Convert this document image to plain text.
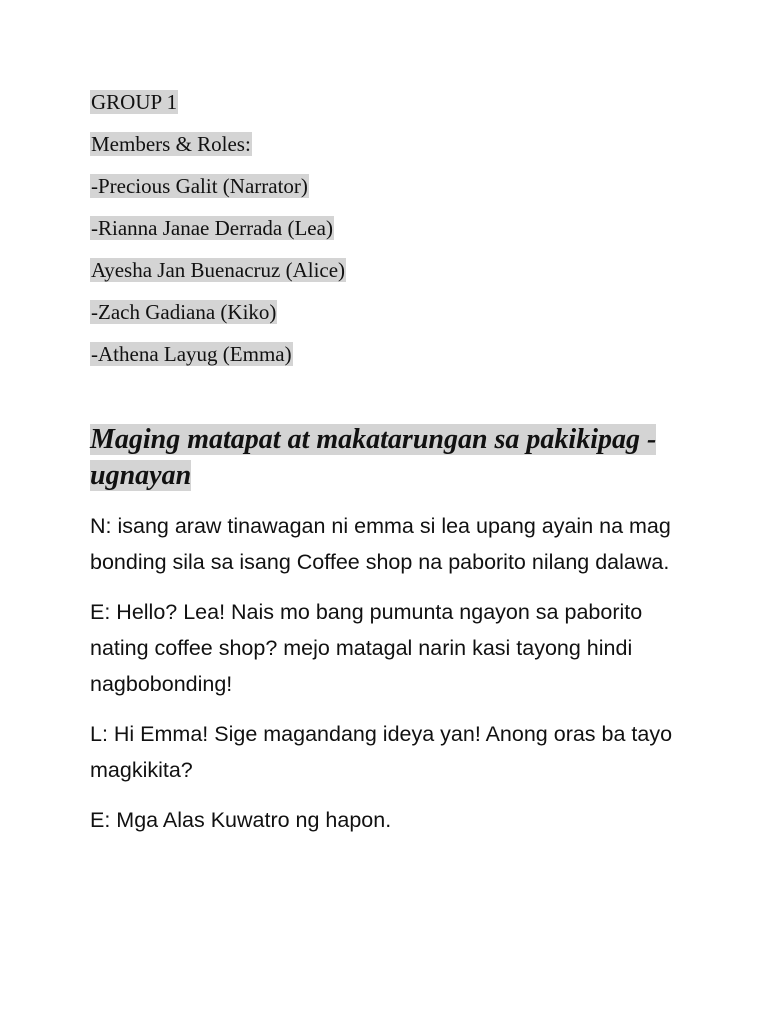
GROUP 1
Members & Roles:
-Precious Galit (Narrator)
-Rianna Janae Derrada (Lea)
Ayesha Jan Buenacruz (Alice)
-Zach Gadiana (Kiko)
-Athena Layug (Emma)
Maging matapat at makatarungan sa pakikipag -
ugnayan

N: isang araw tinawagan ni emma si lea upang ayain na mag bonding sila sa isang Coffee shop na paborito nilang dalawa.

E: Hello? Lea! Nais mo bang pumunta ngayon sa paborito nating coffee shop? mejo matagal narin kasi tayong hindi nagbobonding!

L: Hi Emma! Sige magandang ideya yan! Anong oras ba tayo magkikita?

E: Mga Alas Kuwatro ng hapon.
